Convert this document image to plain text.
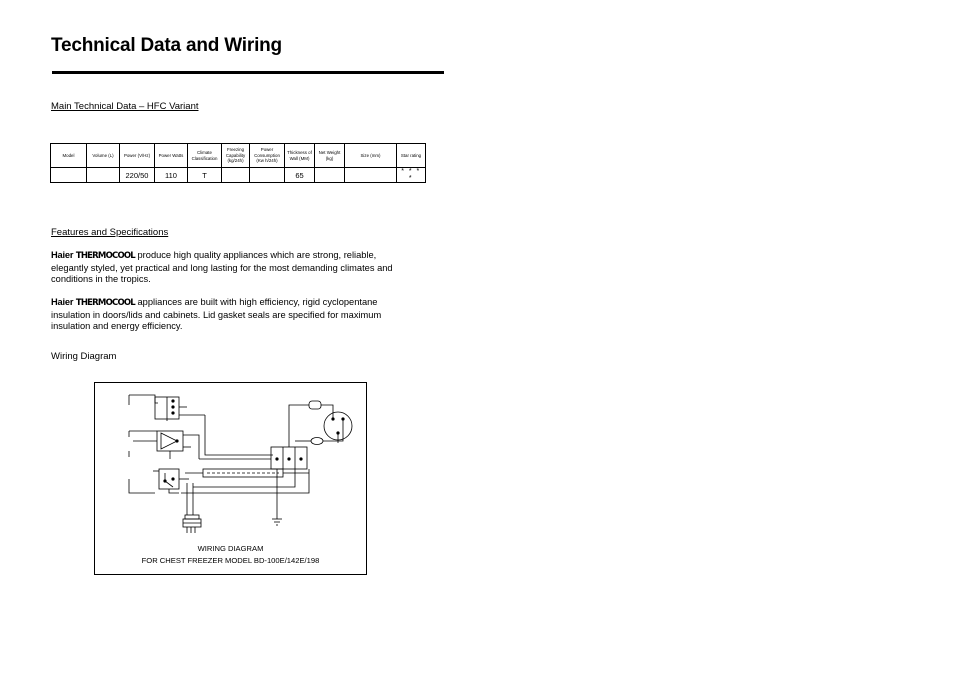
Technical Data and Wiring
Main Technical Data – HFC Variant
Model	Volume (L)	Power (V/Hz)	Power Watts	Climate Classification	Freezing Capability (kg/24h)	Power Consumption (Kw h/24h)	Thickness of Wall (MM)	Net Weight (kg)	Size (mm)	Star rating
		220/50	110	T			65			* * * *
Features and Specifications
Haier THERMOCOOL produce high quality appliances which are strong, reliable, elegantly styled, yet practical and long lasting for the most demanding climates and conditions in the tropics.
Haier THERMOCOOL appliances are built with high efficiency, rigid cyclopentane insulation in doors/lids and cabinets. Lid gasket seals are specified for maximum insulation and energy efficiency.
Wiring Diagram
WIRING DIAGRAM
FOR CHEST FREEZER MODEL BD-100E/142E/198
